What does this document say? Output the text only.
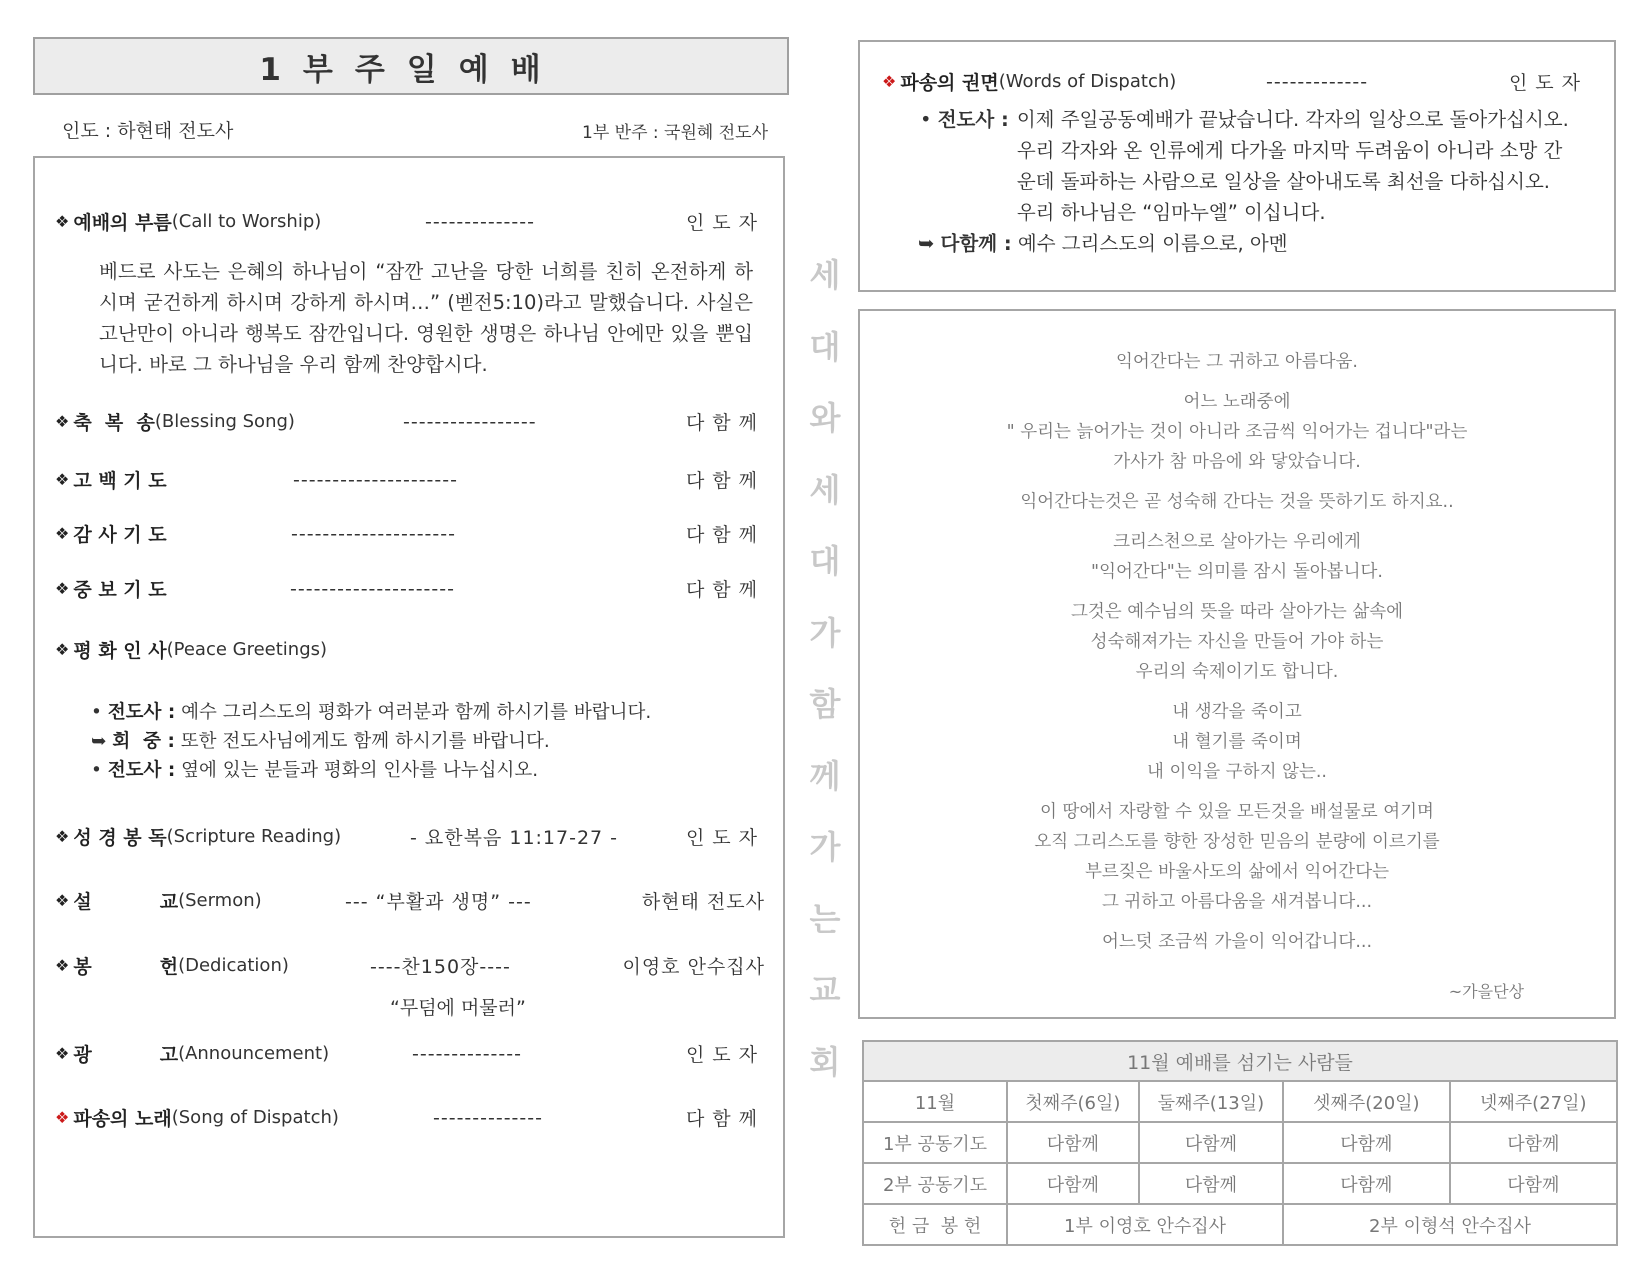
1부주일예배
인도 : 하현태 전도사	1부 반주 : 국원혜 전도사
❖ 예배의 부름 (Call to Worship)	--------------	인도자
베드로 사도는 은혜의 하나님이 “잠깐 고난을 당한 너희를 친히 온전하게 하시며 굳건하게 하시며 강하게 하시며…” (벧전5:10)라고 말했습니다. 사실은 고난만이 아니라 행복도 잠깐입니다. 영원한 생명은 하나님 안에만 있을 뿐입니다. 바로 그 하나님을 우리 함께 찬양합시다.
❖ 축  복  송 (Blessing Song)	-----------------	다함께
❖ 고 백 기 도	---------------------	다함께
❖ 감 사 기 도	---------------------	다함께
❖ 중 보 기 도	---------------------	다함께
❖ 평 화 인 사 (Peace Greetings)
• 전도사 : 예수 그리스도의 평화가 여러분과 함께 하시기를 바랍니다.
➥ 회  중 : 또한 전도사님에게도 함께 하시기를 바랍니다.
• 전도사 : 옆에 있는 분들과 평화의 인사를 나누십시오.
❖ 성 경 봉 독 (Scripture Reading)	- 요한복음 11:17-27 -	인도자
❖ 설	교 (Sermon)	--- “부활과 생명” ---	하현태 전도사
❖ 봉	헌 (Dedication)	----찬150장----	이영호 안수집사
“무덤에 머물러”
❖ 광	고 (Announcement)	--------------	인도자
❖ 파송의 노래 (Song of Dispatch)	--------------	다함께
세
대
와
세
대
가
함
께
가
는
교
회
❖ 파송의 권면 (Words of Dispatch)	-------------	인도자
• 전도사 : 이제 주일공동예배가 끝났습니다. 각자의 일상으로 돌아가십시오. 우리 각자와 온 인류에게 다가올 마지막 두려움이 아니라 소망 간운데 돌파하는 사람으로 일상을 살아내도록 최선을 다하십시오. 우리 하나님은 “임마누엘” 이십니다.
➥ 다함께 : 예수 그리스도의 이름으로, 아멘
익어간다는 그 귀하고 아름다움.
어느 노래중에
" 우리는 늙어가는 것이 아니라 조금씩 익어가는 겁니다"라는
가사가 참 마음에 와 닿았습니다.
익어간다는것은 곧 성숙해 간다는 것을 뜻하기도 하지요..
크리스천으로 살아가는 우리에게
"익어간다"는 의미를 잠시 돌아봅니다.
그것은 예수님의 뜻을 따라 살아가는 삶속에
성숙해져가는 자신을 만들어 가야 하는
우리의 숙제이기도 합니다.
내 생각을 죽이고
내 혈기를 죽이며
내 이익을 구하지 않는..
이 땅에서 자랑할 수 있을 모든것을 배설물로 여기며
오직 그리스도를 향한 장성한 믿음의 분량에 이르기를
부르짖은 바울사도의 삶에서 익어간다는
그 귀하고 아름다움을 새겨봅니다...
어느덧 조금씩 가을이 익어갑니다...
~가을단상
11월 예배를 섬기는 사람들				
11월	첫째주(6일)	둘째주(13일)	셋째주(20일)	넷째주(27일)
1부 공동기도	다함께	다함께	다함께	다함께
2부 공동기도	다함께	다함께	다함께	다함께
헌 금  봉 헌	1부 이영호 안수집사		2부 이형석 안수집사	
